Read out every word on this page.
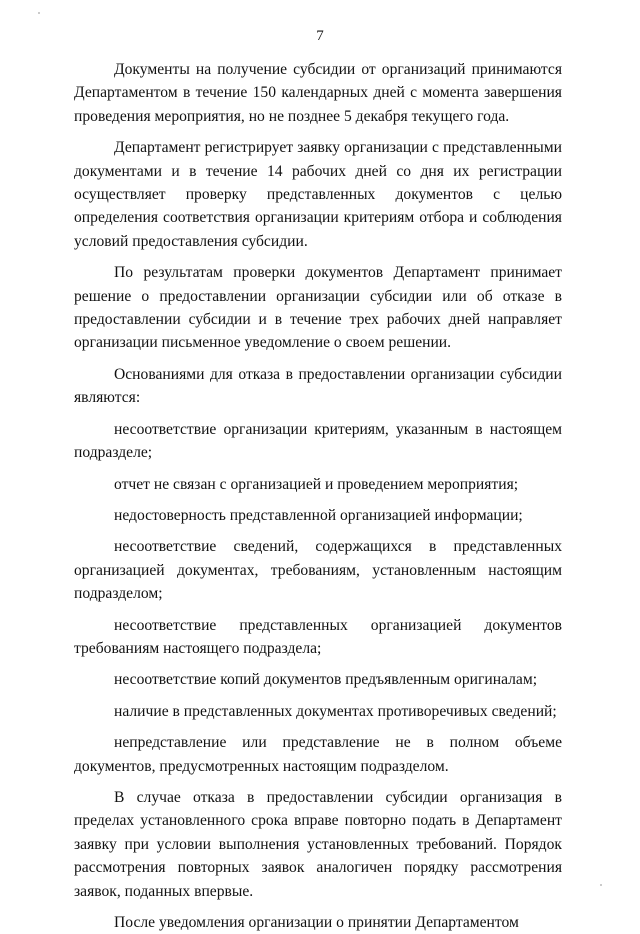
7

Документы на получение субсидии от организаций принимаются Департаментом в течение 150 календарных дней с момента завершения проведения мероприятия, но не позднее 5 декабря текущего года.

Департамент регистрирует заявку организации с представленными документами и в течение 14 рабочих дней со дня их регистрации осуществляет проверку представленных документов с целью определения соответствия организации критериям отбора и соблюдения условий предоставления субсидии.

По результатам проверки документов Департамент принимает решение о предоставлении организации субсидии или об отказе в предоставлении субсидии и в течение трех рабочих дней направляет организации письменное уведомление о своем решении.

Основаниями для отказа в предоставлении организации субсидии являются:

несоответствие организации критериям, указанным в настоящем подразделе;

отчет не связан с организацией и проведением мероприятия;

недостоверность представленной организацией информации;

несоответствие сведений, содержащихся в представленных организацией документах, требованиям, установленным настоящим подразделом;

несоответствие представленных организацией документов требованиям настоящего подраздела;

несоответствие копий документов предъявленным оригиналам;

наличие в представленных документах противоречивых сведений;

непредставление или представление не в полном объеме документов, предусмотренных настоящим подразделом.

В случае отказа в предоставлении субсидии организация в пределах установленного срока вправе повторно подать в Департамент заявку при условии выполнения установленных требований. Порядок рассмотрения повторных заявок аналогичен порядку рассмотрения заявок, поданных впервые.

После уведомления организации о принятии Департаментом
